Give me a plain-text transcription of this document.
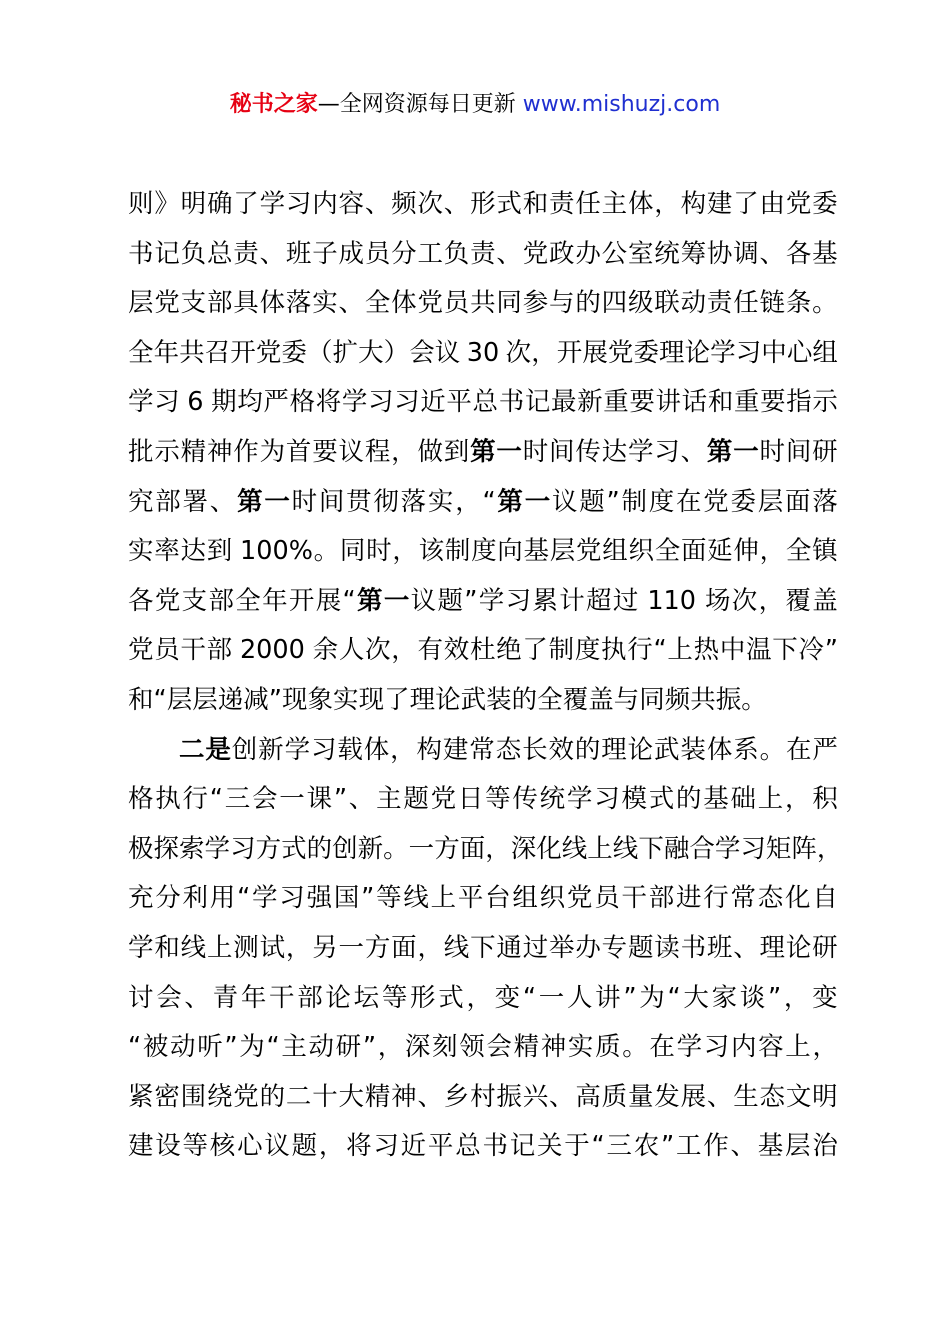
秘书之家—全网资源每日更新 www.mishuzj.com
则 》 明 确 了 学 习 内 容 、 频 次 、 形 式 和 责 任 主 体 ， 构 建 了 由 党 委
书 记 负 总 责 、 班 子 成 员 分 工 负 责 、 党 政 办 公 室 统 筹 协 调 、 各 基
层 党 支 部 具 体 落 实 、 全 体 党 员 共 同 参 与 的 四 级 联 动 责 任 链 条 。
全 年 共 召 开 党 委 （ 扩 大 ） 会 议
30
次 ， 开 展 党 委 理 论 学 习 中 心 组
学 习
6
期 均 严 格 将 学 习 习 近 平 总 书 记 最 新 重 要 讲 话 和 重 要 指 示
批 示 精 神 作 为 首 要 议 程 ， 做 到 第 一 时 间 传 达 学 习 、 第 一 时 间 研
究 部 署 、 第 一 时 间 贯 彻 落 实 ， “ 第 一 议 题 ” 制 度 在 党 委 层 面 落
实 率 达 到
100% 。 同 时 ， 该 制 度 向 基 层 党 组 织 全 面 延 伸 ， 全 镇
各 党 支 部 全 年 开 展 “ 第 一 议 题 ” 学 习 累 计 超 过
110
场 次 ， 覆 盖
党 员 干 部
2000
余 人 次 ， 有 效 杜 绝 了 制 度 执 行 “ 上 热 中 温 下 冷 ”
和 “ 层 层 递 减 ” 现 象 实 现 了 理 论 武 装 的 全 覆 盖 与 同 频 共 振 。
二 是 创 新 学 习 载 体 ， 构 建 常 态 长 效 的 理 论 武 装 体 系 。 在 严
格 执 行 “ 三 会 一 课 ” 、 主 题 党 日 等 传 统 学 习 模 式 的 基 础 上 ， 积
极 探 索 学 习 方 式 的 创 新 。 一 方 面 ， 深 化 线 上 线 下 融 合 学 习 矩 阵 ，
充 分 利 用 “ 学 习 强 国 ” 等 线 上 平 台 组 织 党 员 干 部 进 行 常 态 化 自
学 和 线 上 测 试 ， 另 一 方 面 ， 线 下 通 过 举 办 专 题 读 书 班 、 理 论 研
讨 会 、 青 年 干 部 论 坛 等 形 式 ， 变 “ 一 人 讲 ” 为 “ 大 家 谈 ” ， 变
“ 被 动 听 ” 为 “ 主 动 研 ” ， 深 刻 领 会 精 神 实 质 。 在 学 习 内 容 上 ，
紧 密 围 绕 党 的 二 十 大 精 神 、 乡 村 振 兴 、 高 质 量 发 展 、 生 态 文 明
建 设 等 核 心 议 题 ， 将 习 近 平 总 书 记 关 于 “ 三 农 ” 工 作 、 基 层 治
